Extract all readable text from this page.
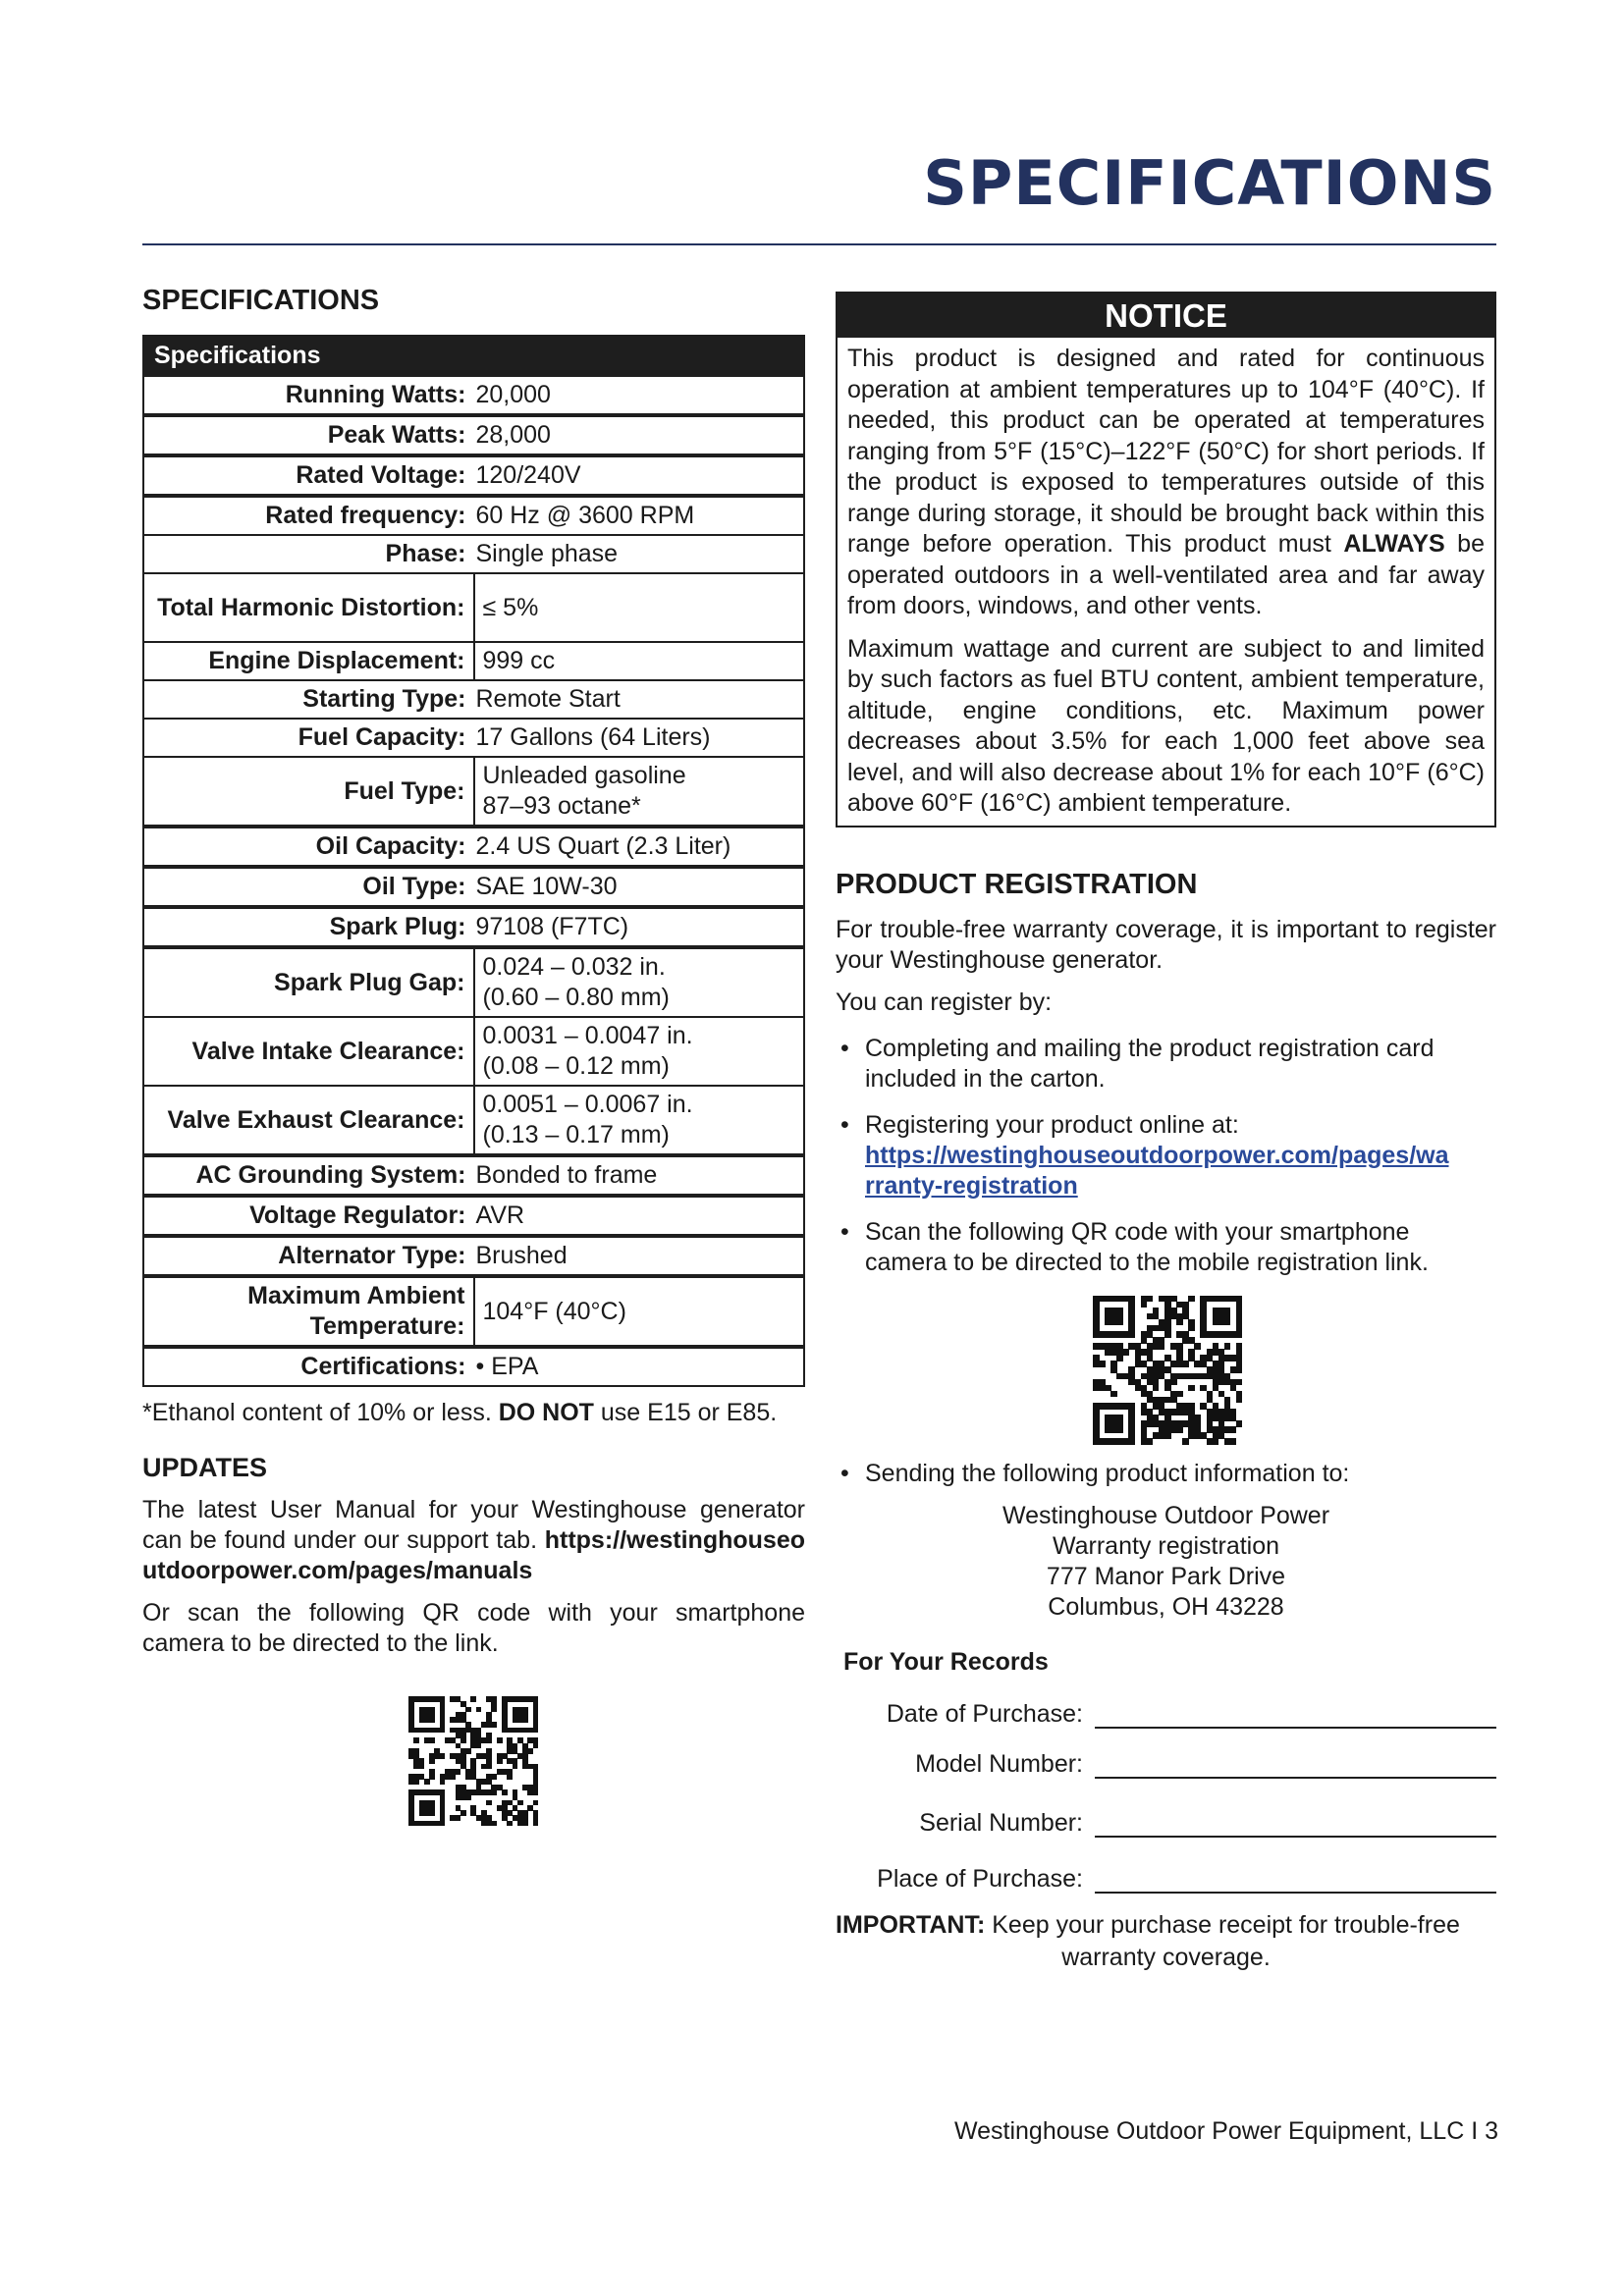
SPECIFICATIONS
SPECIFICATIONS
Specifications	
Running Watts:	20,000

Peak Watts:	28,000

Rated Voltage:	120/240V

Rated frequency:	60 Hz @ 3600 RPM

Phase:	Single phase

Total Harmonic Distortion:	≤ 5%

Engine Displacement:	999 cc

Starting Type:	Remote Start

Fuel Capacity:	17 Gallons (64 Liters)

Fuel Type:	Unleaded gasoline
87–93 octane*

Oil Capacity:	2.4 US Quart (2.3 Liter)

Oil Type:	SAE 10W-30

Spark Plug:	97108 (F7TC)

Spark Plug Gap:	0.024 – 0.032 in.
(0.60 – 0.80 mm)

Valve Intake Clearance:	0.0031 – 0.0047 in.
(0.08 – 0.12 mm)

Valve Exhaust Clearance:	0.0051 – 0.0067 in.
(0.13 – 0.17 mm)

AC Grounding System:	Bonded to frame

Voltage Regulator:	AVR

Alternator Type:	Brushed

Maximum Ambient Temperature:	104°F (40°C)

Certifications:	• EPA
*Ethanol content of 10% or less. DO NOT use E15 or E85.
UPDATES

The latest User Manual for your Westinghouse generator can be found under our support tab. https://westinghouseoutdoorpower.com/pages/manuals

Or scan the following QR code with your smartphone camera to be directed to the link.

NOTICE

This product is designed and rated for continuous operation at ambient temperatures up to 104°F (40°C). If needed, this product can be operated at temperatures ranging from 5°F (15°C)–122°F (50°C) for short periods. If the product is exposed to temperatures outside of this range during storage, it should be brought back within this range before operation. This product must ALWAYS be operated outdoors in a well-ventilated area and far away from doors, windows, and other vents.

Maximum wattage and current are subject to and limited by such factors as fuel BTU content, ambient temperature, altitude, engine conditions, etc. Maximum power decreases about 3.5% for each 1,000 feet above sea level, and will also decrease about 1% for each 10°F (6°C) above 60°F (16°C) ambient temperature.

PRODUCT REGISTRATION

For trouble-free warranty coverage, it is important to register your Westinghouse generator.

You can register by:

• Completing and mailing the product registration card included in the carton.
• Registering your product online at:
https://westinghouseoutdoorpower.com/pages/warranty-registration
• Scan the following QR code with your smartphone camera to be directed to the mobile registration link.
• Sending the following product information to:
Westinghouse Outdoor Power
Warranty registration
777 Manor Park Drive
Columbus, OH 43228
For Your Records
Date of Purchase:
Model Number:
Serial Number:
Place of Purchase:
IMPORTANT: Keep your purchase receipt for trouble-free
warranty coverage.
Westinghouse Outdoor Power Equipment, LLC I 3
